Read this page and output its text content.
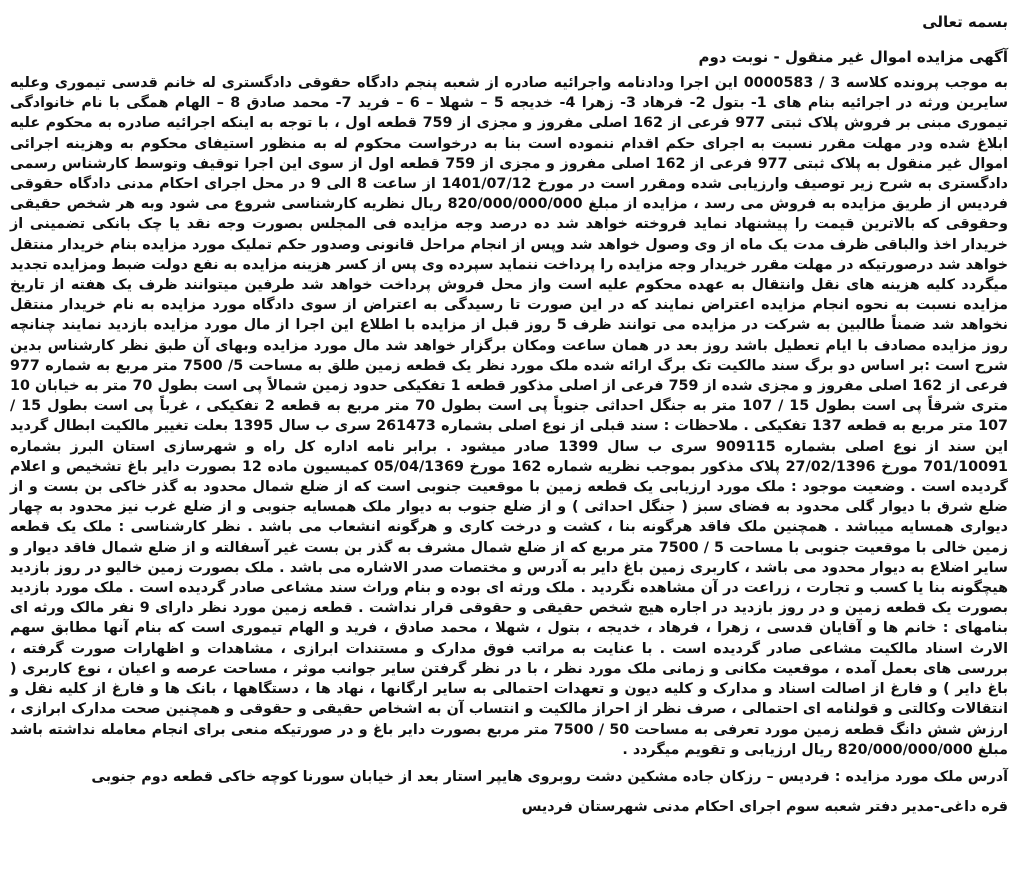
بسمه تعالی
آگهی مزایده اموال غیر منقول - نوبت دوم

به موجب پرونده کلاسه 3 / 0000583 این اجرا ودادنامه واجرائیه صادره از شعبه پنجم دادگاه حقوقی دادگستری له خانم قدسی تیموری وعلیه سایرین ورثه در اجرائیه بنام های 1- بتول 2- فرهاد 3- زهرا 4- خدیجه 5 – شهلا – 6 – فرید 7- محمد صادق 8 – الهام همگی با نام خانوادگی تیموری مبنی بر فروش پلاک ثبتی 977 فرعی از 162 اصلی مفروز و مجزی از 759 قطعه اول ، با توجه به اینکه اجرائیه صادره به محکوم علیه ابلاغ شده ودر مهلت مقرر نسبت به اجرای حکم اقدام ننموده است بنا به درخواست محکوم له به منظور استیفای محکوم به وهزینه اجرائی اموال غیر منقول به پلاک ثبتی 977 فرعی از 162 اصلی مفروز و مجزی از 759 قطعه اول از سوی این اجرا توقیف وتوسط کارشناس رسمی دادگستری به شرح زیر توصیف وارزیابی شده ومقرر است در مورخ 1401/07/12 از ساعت 8 الی 9 در محل اجرای احکام مدنی دادگاه حقوقی فردیس از طریق مزایده به فروش می رسد ، مزایده از مبلغ 820/000/000/000 ریال نظریه کارشناسی شروع می شود وبه هر شخص حقیقی وحقوقی که بالاترین قیمت را پیشنهاد نماید فروخته خواهد شد ده درصد وجه مزایده فی المجلس بصورت وجه نقد یا چک بانکی تضمینی از خریدار اخذ والباقی ظرف مدت یک ماه از وی وصول خواهد شد وپس از انجام مراحل قانونی وصدور حکم تملیک مورد مزایده بنام خریدار منتقل خواهد شد درصورتیکه در مهلت مقرر خریدار وجه مزایده را پرداخت ننماید سپرده وی پس از کسر هزینه مزایده به نفع دولت ضبط ومزایده تجدید میگردد کلیه هزینه های نقل وانتقال به عهده محکوم علیه است واز محل فروش پرداخت خواهد شد طرفین میتوانند ظرف یک هفته از تاریخ مزایده نسبت به نحوه انجام مزایده اعتراض نمایند که در این صورت تا رسیدگی به اعتراض از سوی دادگاه مورد مزایده به نام خریدار منتقل نخواهد شد ضمناً طالبین به شرکت در مزایده می توانند ظرف 5 روز قبل از مزایده با اطلاع این اجرا از مال مورد مزایده بازدید نمایند چنانچه روز مزایده مصادف با ایام تعطیل باشد روز بعد در همان ساعت ومکان برگزار خواهد شد مال مورد مزایده وبهای آن طبق نظر کارشناس بدین شرح است :بر اساس دو برگ سند مالکیت تک برگ ارائه شده ملک مورد نظر یک قطعه زمین طلق به مساحت 5/ 7500 متر مربع به شماره 977 فرعی از 162 اصلی مفروز و مجزی شده از 759 فرعی از اصلی مذکور قطعه 1 تفکیکی حدود زمین شمالاً پی است بطول 70 متر به خیابان 10 متری شرقاً پی است بطول 15 / 107 متر به جنگل احداثی جنوباً پی است بطول 70 متر مربع به قطعه 2 تفکیکی ، غرباً پی است بطول 15 / 107 متر مربع به قطعه 137 تفکیکی . ملاحظات : سند قبلی از نوع اصلی بشماره 261473 سری ب سال 1395 بعلت تغییر مالکیت ابطال گردید این سند از نوع اصلی بشماره 909115 سری ب سال 1399 صادر میشود . برابر نامه اداره کل راه و شهرسازی استان البرز بشماره 701/10091 مورخ 27/02/1396 پلاک مذکور بموجب نظریه شماره 162 مورخ 05/04/1369 کمیسیون ماده 12 بصورت دایر باغ تشخیص و اعلام گردیده است . وضعیت موجود : ملک مورد ارزیابی یک قطعه زمین با موقعیت جنوبی است که از ضلع شمال محدود به گذر خاکی بن بست و از ضلع شرق با دیوار گلی محدود به فضای سبز ( جنگل احداثی ) و از ضلع جنوب به دیوار ملک همسایه جنوبی و از ضلع غرب نیز محدود به چهار دیواری همسایه میباشد . همچنین ملک فاقد هرگونه بنا ، کشت و درخت کاری و هرگونه انشعاب می باشد . نظر کارشناسی : ملک یک قطعه زمین خالی با موقعیت جنوبی با مساحت 5 / 7500 متر مربع که از ضلع شمال مشرف به گذر بن بست غیر آسفالته و از ضلع شمال فاقد دیوار و سایر اضلاع به دیوار محدود می باشد ، کاربری زمین باغ دایر به آدرس و مختصات صدر الاشاره می باشد . ملک بصورت زمین خالیو در روز بازدید هیچگونه بنا یا کسب و تجارت ، زراعت در آن مشاهده نگردید . ملک ورثه ای بوده و بنام وراث سند مشاعی صادر گردیده است . ملک مورد بازدید بصورت یک قطعه زمین و در روز بازدید در اجاره هیچ شخص حقیقی و حقوقی قرار نداشت . قطعه زمین مورد نظر دارای 9 نفر مالک ورثه ای بنامهای : خانم ها و آقایان قدسی ، زهرا ، فرهاد ، خدیجه ، بتول ، شهلا ، محمد صادق ، فرید و الهام تیموری است که بنام آنها مطابق سهم الارث اسناد مالکیت مشاعی صادر گردیده است . با عنایت به مراتب فوق مدارک و مستندات ابرازی ، مشاهدات و اظهارات صورت گرفته ، بررسی های بعمل آمده ، موقعیت مکانی و زمانی ملک مورد نظر ، با در نظر گرفتن سایر جوانب موثر ، مساحت عرصه و اعیان ، نوع کاربری ( باغ دایر ) و فارغ از اصالت اسناد و مدارک و کلیه دیون و تعهدات احتمالی به سایر ارگانها ، نهاد ها ، دستگاهها ، بانک ها و فارغ از کلیه نقل و انتقالات وکالتی و قولنامه ای احتمالی ، صرف نظر از احراز مالکیت و انتساب آن به اشخاص حقیقی و حقوقی و همچنین صحت مدارک ابرازی ، ارزش شش دانگ قطعه زمین مورد تعرفی به مساحت 50 / 7500 متر مربع بصورت دایر باغ و در صورتیکه منعی برای انجام معامله نداشته باشد مبلغ 820/000/000/000 ریال ارزیابی و تقویم میگردد .

آدرس ملک مورد مزایده : فردیس – رزکان جاده مشکین دشت روبروی هایپر استار بعد از خیابان سورنا کوچه خاکی قطعه دوم جنوبی
قره داغی-مدیر دفتر شعبه سوم اجرای احکام مدنی شهرستان فردیس
